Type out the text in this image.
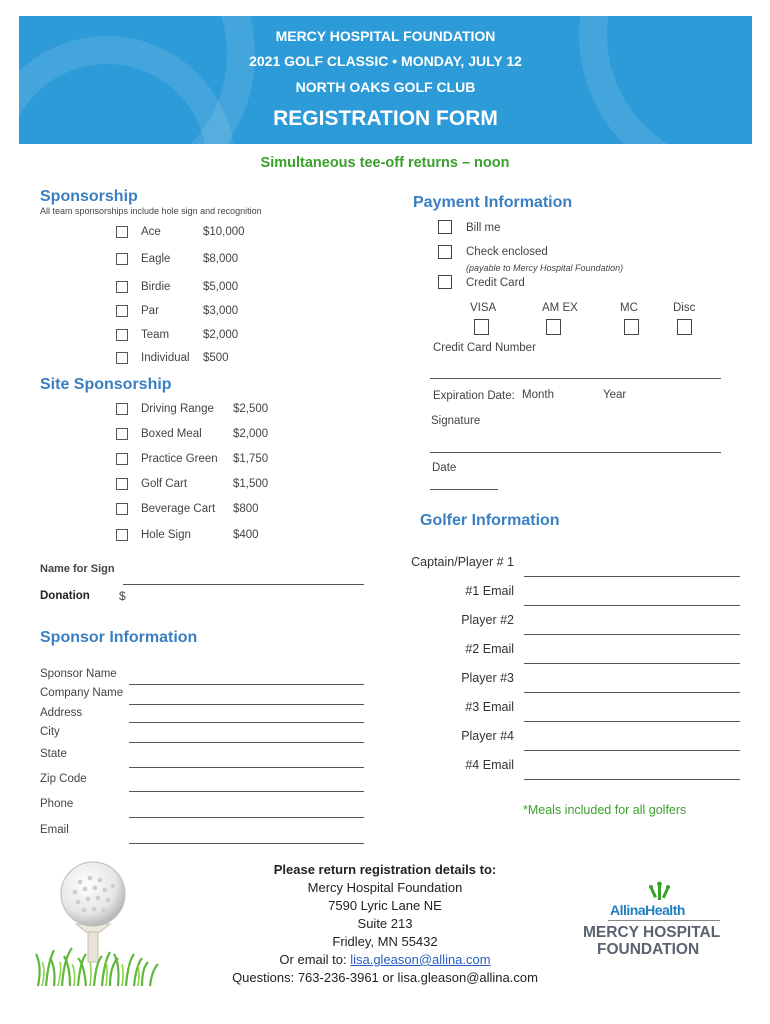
MERCY HOSPITAL FOUNDATION
2021 GOLF CLASSIC • MONDAY, JULY 12
NORTH OAKS GOLF CLUB
REGISTRATION FORM
Simultaneous tee-off returns – noon
Sponsorship
All team sponsorships include hole sign and recognition
Ace	$10,000
Eagle	$8,000
Birdie	$5,000
Par	$3,000
Team	$2,000
Individual $500
Site Sponsorship
Driving Range $2,500
Boxed Meal	$2,000
Practice Green $1,750
Golf Cart	$1,500
Beverage Cart $800
Hole Sign	$400
Name for Sign
Donation $
Sponsor Information
Sponsor Name
Company Name
Address
City
State
Zip Code
Phone
Email
Payment Information
Bill me
Check enclosed
(payable to Mercy Hospital Foundation)
Credit Card
VISA	AM EX	MC	Disc
Credit Card Number
Expiration Date: Month	Year
Signature
Date
Golfer Information
Captain/Player # 1
#1 Email
Player #2
#2 Email
Player #3
#3 Email
Player #4
#4 Email
*Meals included for all golfers
Please return registration details to:
Mercy Hospital Foundation
7590 Lyric Lane NE
Suite 213
Fridley, MN 55432
Or email to: lisa.gleason@allina.com
Questions: 763-236-3961 or lisa.gleason@allina.com
AllinaHealth
MERCY HOSPITAL
FOUNDATION
